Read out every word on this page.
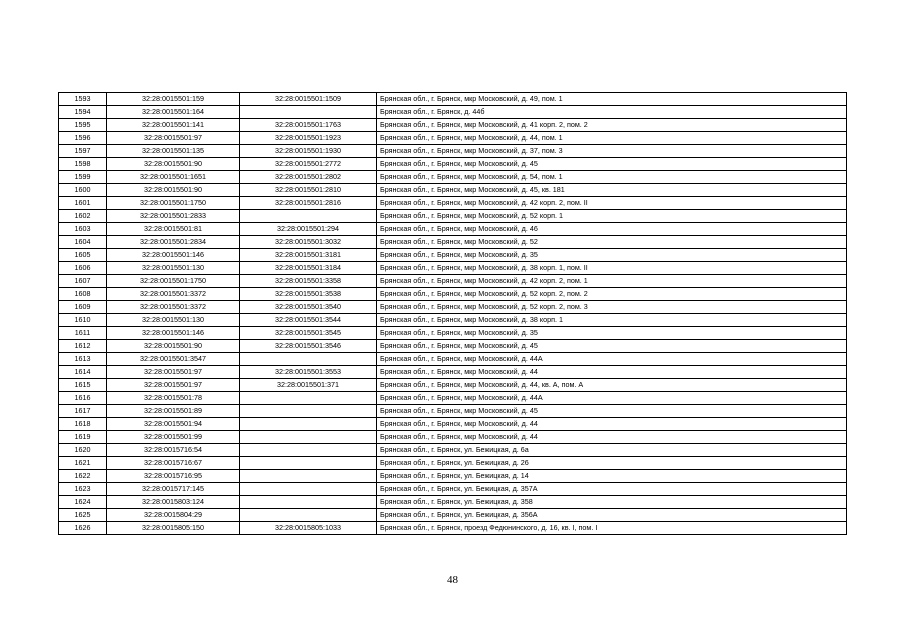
1593	32:28:0015501:159	32:28:0015501:1509	Брянская обл., г. Брянск, мкр Московский, д. 49, пом. 1
1594	32:28:0015501:164		Брянская обл., г. Брянск, д. 44б
1595	32:28:0015501:141	32:28:0015501:1763	Брянская обл., г. Брянск, мкр Московский, д. 41 корп. 2, пом. 2
1596	32:28:0015501:97	32:28:0015501:1923	Брянская обл., г. Брянск, мкр Московский, д. 44, пом. 1
1597	32:28:0015501:135	32:28:0015501:1930	Брянская обл., г. Брянск, мкр Московский, д. 37, пом. 3
1598	32:28:0015501:90	32:28:0015501:2772	Брянская обл., г. Брянск, мкр Московский, д. 45
1599	32:28:0015501:1651	32:28:0015501:2802	Брянская обл., г. Брянск, мкр Московский, д. 54, пом. 1
1600	32:28:0015501:90	32:28:0015501:2810	Брянская обл., г. Брянск, мкр Московский, д. 45, кв. 181
1601	32:28:0015501:1750	32:28:0015501:2816	Брянская обл., г. Брянск, мкр Московский, д. 42 корп. 2, пом. II
1602	32:28:0015501:2833		Брянская обл., г. Брянск, мкр Московский, д. 52 корп. 1
1603	32:28:0015501:81	32:28:0015501:294	Брянская обл., г. Брянск, мкр Московский, д. 46
1604	32:28:0015501:2834	32:28:0015501:3032	Брянская обл., г. Брянск, мкр Московский, д. 52
1605	32:28:0015501:146	32:28:0015501:3181	Брянская обл., г. Брянск, мкр Московский, д. 35
1606	32:28:0015501:130	32:28:0015501:3184	Брянская обл., г. Брянск, мкр Московский, д. 38 корп. 1, пом. II
1607	32:28:0015501:1750	32:28:0015501:3358	Брянская обл., г. Брянск, мкр Московский, д. 42 корп. 2, пом. 1
1608	32:28:0015501:3372	32:28:0015501:3538	Брянская обл., г. Брянск, мкр Московский, д. 52 корп. 2, пом. 2
1609	32:28:0015501:3372	32:28:0015501:3540	Брянская обл., г. Брянск, мкр Московский, д. 52 корп. 2, пом. 3
1610	32:28:0015501:130	32:28:0015501:3544	Брянская обл., г. Брянск, мкр Московский, д. 38 корп. 1
1611	32:28:0015501:146	32:28:0015501:3545	Брянская обл., г. Брянск, мкр Московский, д. 35
1612	32:28:0015501:90	32:28:0015501:3546	Брянская обл., г. Брянск, мкр Московский, д. 45
1613	32:28:0015501:3547		Брянская обл., г. Брянск, мкр Московский, д. 44А
1614	32:28:0015501:97	32:28:0015501:3553	Брянская обл., г. Брянск, мкр Московский, д. 44
1615	32:28:0015501:97	32:28:0015501:371	Брянская обл., г. Брянск, мкр Московский, д. 44, кв. А, пом. А
1616	32:28:0015501:78		Брянская обл., г. Брянск, мкр Московский, д. 44А
1617	32:28:0015501:89		Брянская обл., г. Брянск, мкр Московский, д. 45
1618	32:28:0015501:94		Брянская обл., г. Брянск, мкр Московский, д. 44
1619	32:28:0015501:99		Брянская обл., г. Брянск, мкр Московский, д. 44
1620	32:28:0015716:54		Брянская обл., г. Брянск, ул. Бежицкая, д. 6а
1621	32:28:0015716:67		Брянская обл., г. Брянск, ул. Бежицкая, д. 26
1622	32:28:0015716:95		Брянская обл., г. Брянск, ул. Бежицкая, д. 14
1623	32:28:0015717:145		Брянская обл., г. Брянск, ул. Бежицкая, д. 357А
1624	32:28:0015803:124		Брянская обл., г. Брянск, ул. Бежицкая, д. 358
1625	32:28:0015804:29		Брянская обл., г. Брянск, ул. Бежицкая, д. 356А
1626	32:28:0015805:150	32:28:0015805:1033	Брянская обл., г. Брянск, проезд Федюнинского, д. 16, кв. I, пом. I
48
